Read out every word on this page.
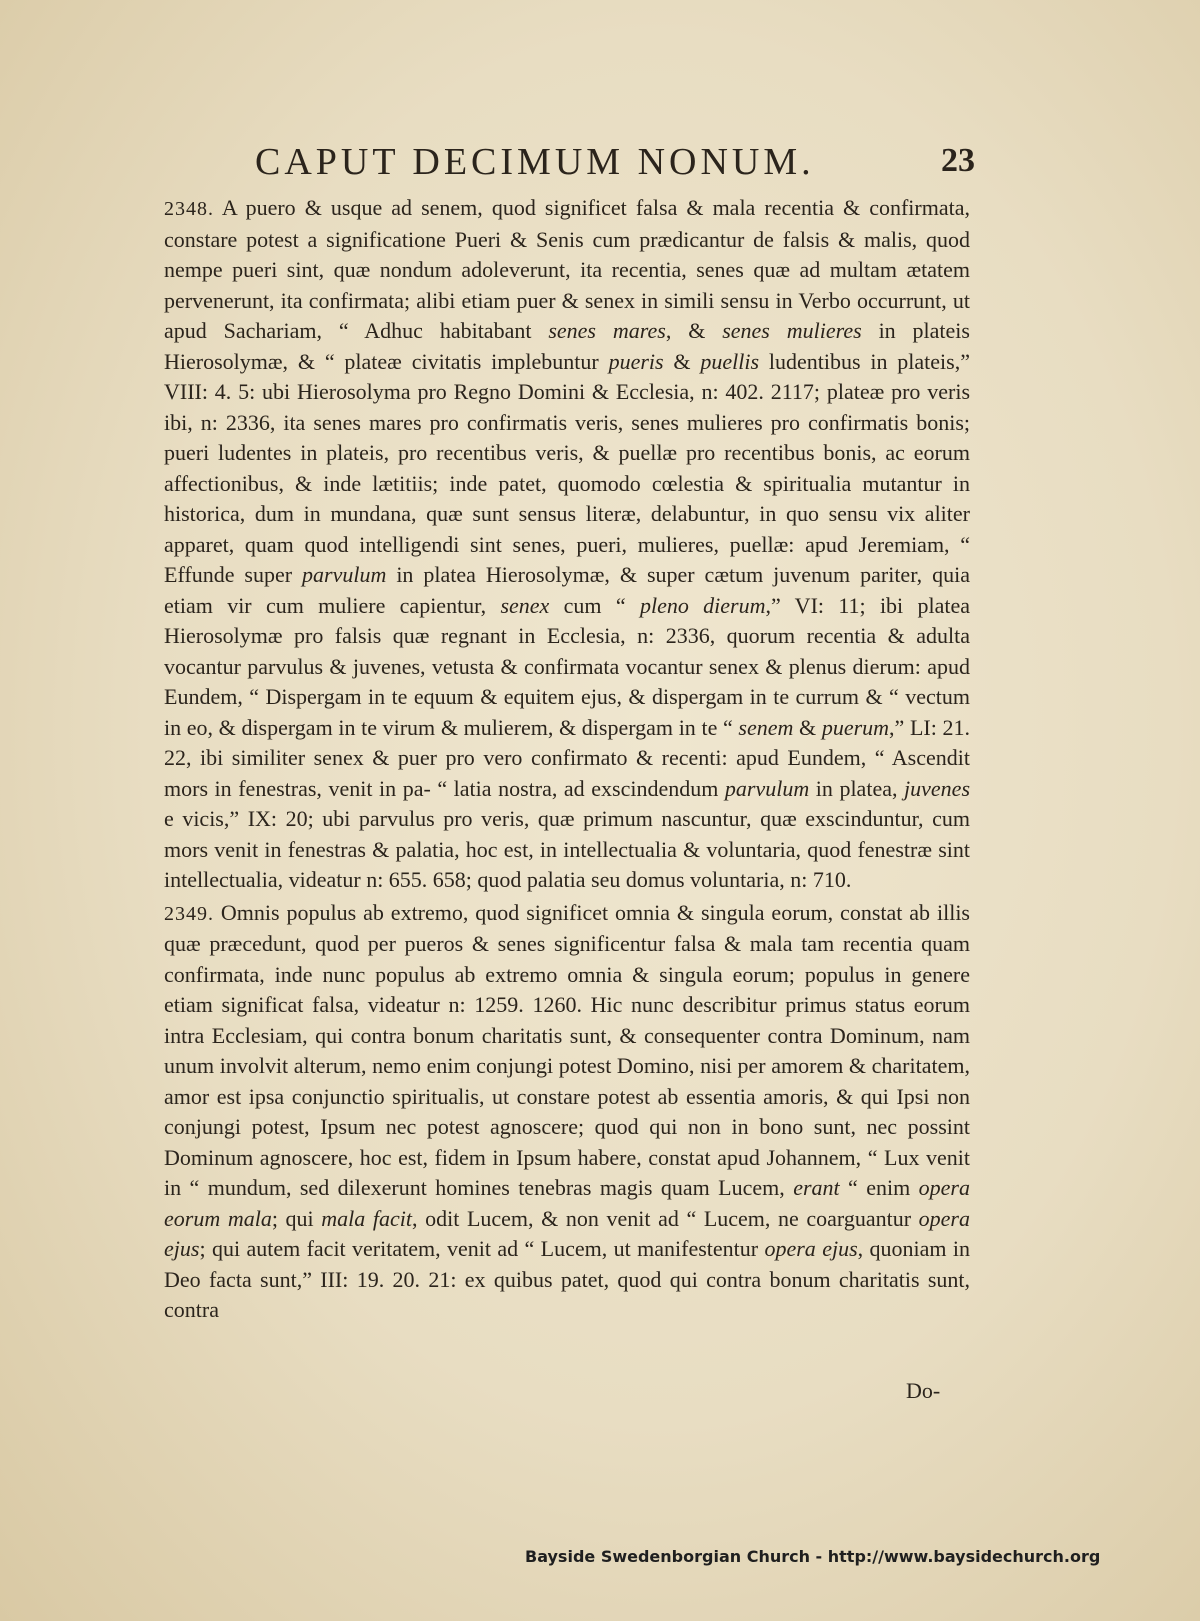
CAPUT DECIMUM NONUM.	23

2348. A puero & usque ad senem, quod significet falsa & mala recentia & confirmata, constare potest a significatione Pueri & Senis cum prædicantur de falsis & malis, quod nempe pueri sint, quæ nondum adoleverunt, ita recentia, senes quæ ad multam ætatem pervenerunt, ita confirmata; alibi etiam puer & senex in simili sensu in Verbo occurrunt, ut apud Sachariam, “ Adhuc habitabant senes mares, & senes mulieres in plateis Hierosolymæ, & “ plateæ civitatis implebuntur pueris & puellis ludentibus in plateis,” VIII: 4. 5: ubi Hierosolyma pro Regno Domini & Ecclesia, n: 402. 2117; plateæ pro veris ibi, n: 2336, ita senes mares pro confirmatis veris, senes mulieres pro confirmatis bonis; pueri ludentes in plateis, pro recentibus veris, & puellæ pro recentibus bonis, ac eorum affectionibus, & inde lætitiis; inde patet, quomodo cœlestia & spiritualia mutantur in historica, dum in mundana, quæ sunt sensus literæ, delabuntur, in quo sensu vix aliter apparet, quam quod intelligendi sint senes, pueri, mulieres, puellæ: apud Jeremiam, “ Effunde super parvulum in platea Hierosolymæ, & super cætum juvenum pariter, quia etiam vir cum muliere capientur, senex cum “ pleno dierum,” VI: 11; ibi platea Hierosolymæ pro falsis quæ regnant in Ecclesia, n: 2336, quorum recentia & adulta vocantur parvulus & juvenes, vetusta & confirmata vocantur senex & plenus dierum: apud Eundem, “ Dispergam in te equum & equitem ejus, & dispergam in te currum & “ vectum in eo, & dispergam in te virum & mulierem, & dispergam in te “ senem & puerum,” LI: 21. 22, ibi similiter senex & puer pro vero confirmato & recenti: apud Eundem, “ Ascendit mors in fenestras, venit in pa- “ latia nostra, ad exscindendum parvulum in platea, juvenes e vicis,” IX: 20; ubi parvulus pro veris, quæ primum nascuntur, quæ exscinduntur, cum mors venit in fenestras & palatia, hoc est, in intellectualia & voluntaria, quod fenestræ sint intellectualia, videatur n: 655. 658; quod palatia seu domus voluntaria, n: 710.

2349. Omnis populus ab extremo, quod significet omnia & singula eorum, constat ab illis quæ præcedunt, quod per pueros & senes significentur falsa & mala tam recentia quam confirmata, inde nunc populus ab extremo omnia & singula eorum; populus in genere etiam significat falsa, videatur n: 1259. 1260. Hic nunc describitur primus status eorum intra Ecclesiam, qui contra bonum charitatis sunt, & consequenter contra Dominum, nam unum involvit alterum, nemo enim conjungi potest Domino, nisi per amorem & charitatem, amor est ipsa conjunctio spiritualis, ut constare potest ab essentia amoris, & qui Ipsi non conjungi potest, Ipsum nec potest agnoscere; quod qui non in bono sunt, nec possint Dominum agnoscere, hoc est, fidem in Ipsum habere, constat apud Johannem, “ Lux venit in “ mundum, sed dilexerunt homines tenebras magis quam Lucem, erant “ enim opera eorum mala; qui mala facit, odit Lucem, & non venit ad “ Lucem, ne coarguantur opera ejus; qui autem facit veritatem, venit ad “ Lucem, ut manifestentur opera ejus, quoniam in Deo facta sunt,” III: 19. 20. 21: ex quibus patet, quod qui contra bonum charitatis sunt, contra

Do-
Bayside Swedenborgian Church - http://www.baysidechurch.org
